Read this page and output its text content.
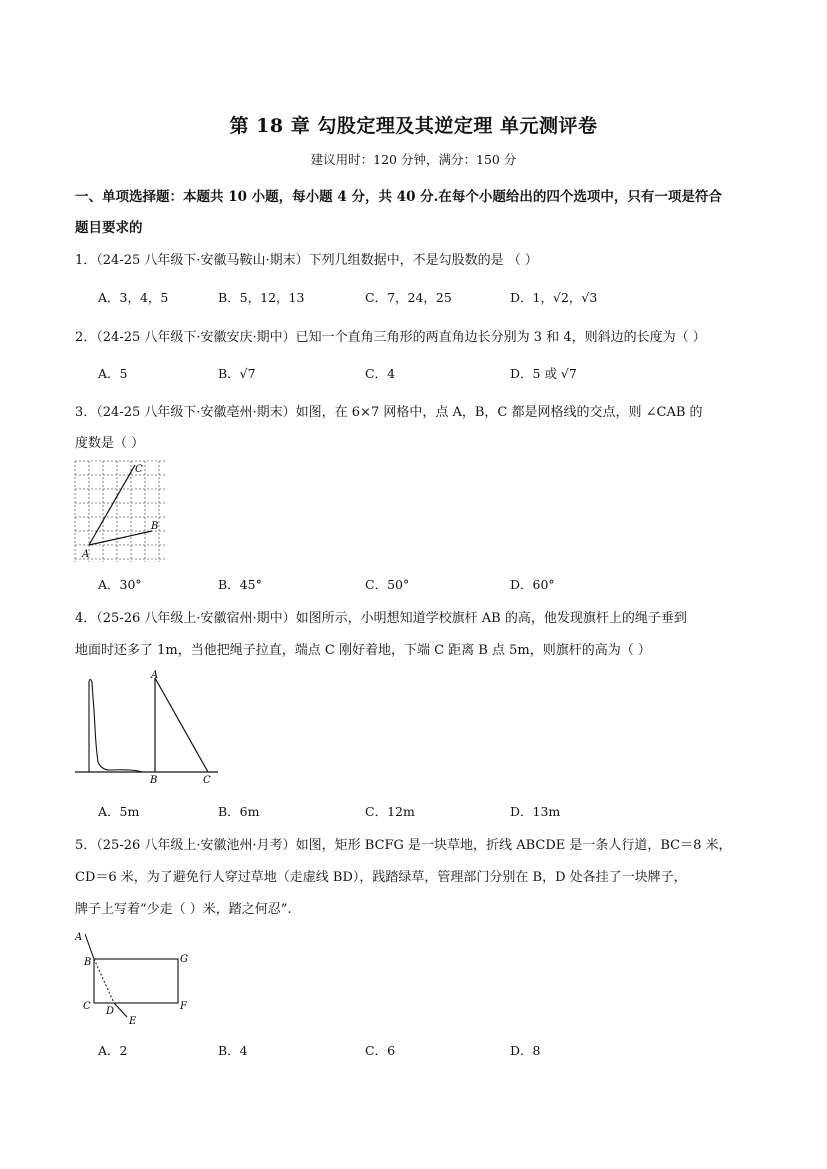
第 18 章 勾股定理及其逆定理 单元测评卷
建议用时：120 分钟，满分：150 分
一、单项选择题：本题共 10 小题，每小题 4 分，共 40 分.在每个小题给出的四个选项中，只有一项是符合
题目要求的
1．（24-25 八年级下·安徽马鞍山·期末）下列几组数据中，不是勾股数的是 （ ）
A．3，4，5	B．5，12，13	C．7，24，25	D．1，√2，√3
2．（24-25 八年级下·安徽安庆·期中）已知一个直角三角形的两直角边长分别为 3 和 4，则斜边的长度为（ ）
A．5	B．√7	C．4	D．5 或 √7
3．（24-25 八年级下·安徽亳州·期末）如图，在 6×7 网格中，点 A，B，C 都是网格线的交点，则 ∠CAB 的
度数是（ ）
C
B
A
A．30°	B．45°	C．50°	D．60°
4．（25-26 八年级上·安徽宿州·期中）如图所示，小明想知道学校旗杆 AB 的高，他发现旗杆上的绳子垂到
地面时还多了 1m，当他把绳子拉直，端点 C 刚好着地，下端 C 距离 B 点 5m，则旗杆的高为（ ）
A
B	C
A．5m	B．6m	C．12m	D．13m
5．（25-26 八年级上·安徽池州·月考）如图，矩形 BCFG 是一块草地，折线 ABCDE 是一条人行道，BC＝8 米，
CD＝6 米，为了避免行人穿过草地（走虚线 BD），践踏绿草，管理部门分别在 B，D 处各挂了一块牌子，
牌子上写着“少走（ ）米，踏之何忍”.
A
B	G
C D
E
F
A．2	B．4	C．6	D．8
